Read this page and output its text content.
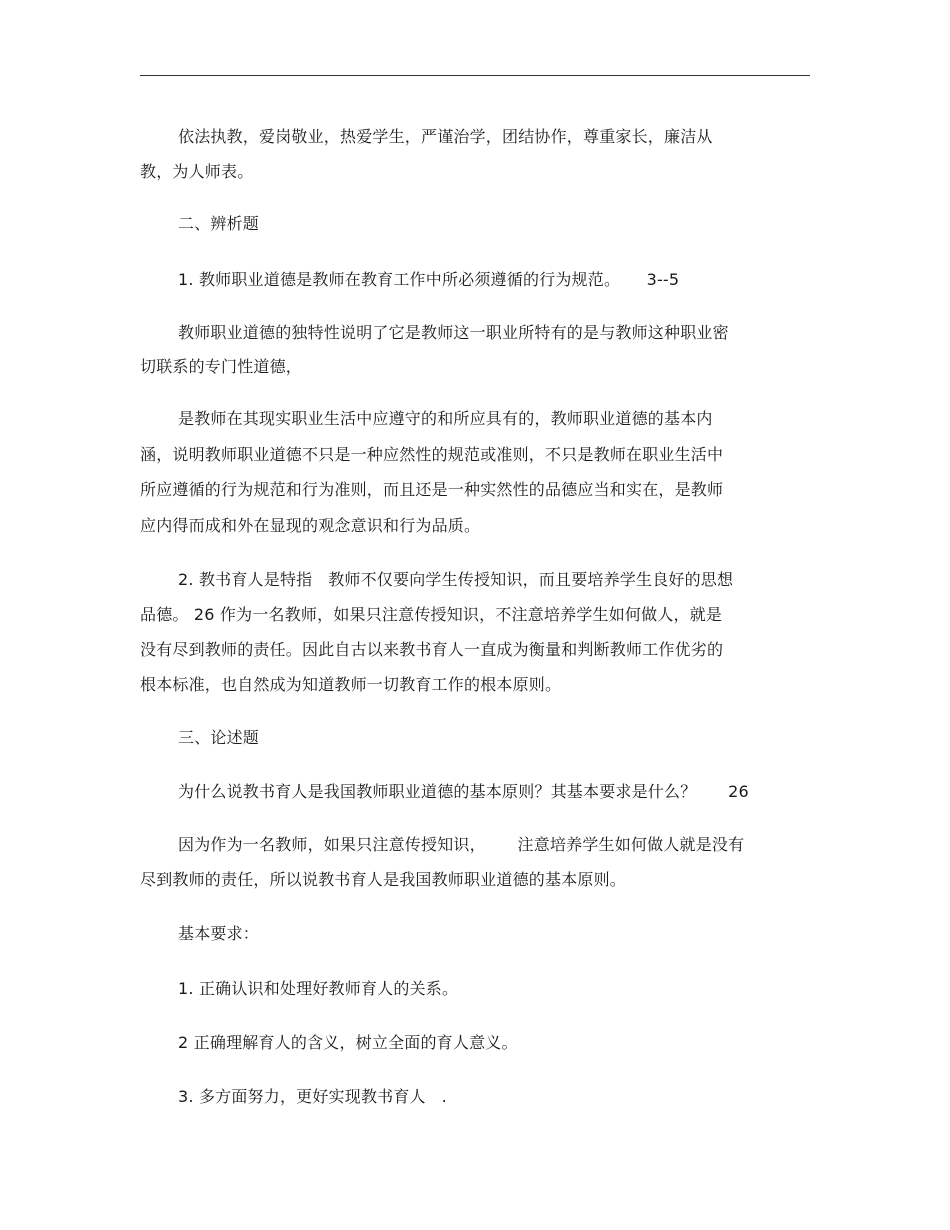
依法执教，爱岗敬业，热爱学生，严谨治学，团结协作，尊重家长，廉洁从
教，为人师表。
二、辨析题
1. 教师职业道德是教师在教育工作中所必须遵循的行为规范。     3--5
教师职业道德的独特性说明了它是教师这一职业所特有的是与教师这种职业密
切联系的专门性道德，
是教师在其现实职业生活中应遵守的和所应具有的，教师职业道德的基本内
涵，说明教师职业道德不只是一种应然性的规范或准则，不只是教师在职业生活中
所应遵循的行为规范和行为准则，而且还是一种实然性的品德应当和实在，是教师
应内得而成和外在显现的观念意识和行为品质。
2. 教书育人是特指   教师不仅要向学生传授知识，而且要培养学生良好的思想
品德。 26 作为一名教师，如果只注意传授知识，不注意培养学生如何做人，就是
没有尽到教师的责任。因此自古以来教书育人一直成为衡量和判断教师工作优劣的
根本标准，也自然成为知道教师一切教育工作的根本原则。
三、论述题
为什么说教书育人是我国教师职业道德的基本原则？其基本要求是什么？      26
因为作为一名教师，如果只注意传授知识，      注意培养学生如何做人就是没有
尽到教师的责任，所以说教书育人是我国教师职业道德的基本原则。
基本要求：
1. 正确认识和处理好教师育人的关系。
2 正确理解育人的含义，树立全面的育人意义。
3. 多方面努力，更好实现教书育人   .
